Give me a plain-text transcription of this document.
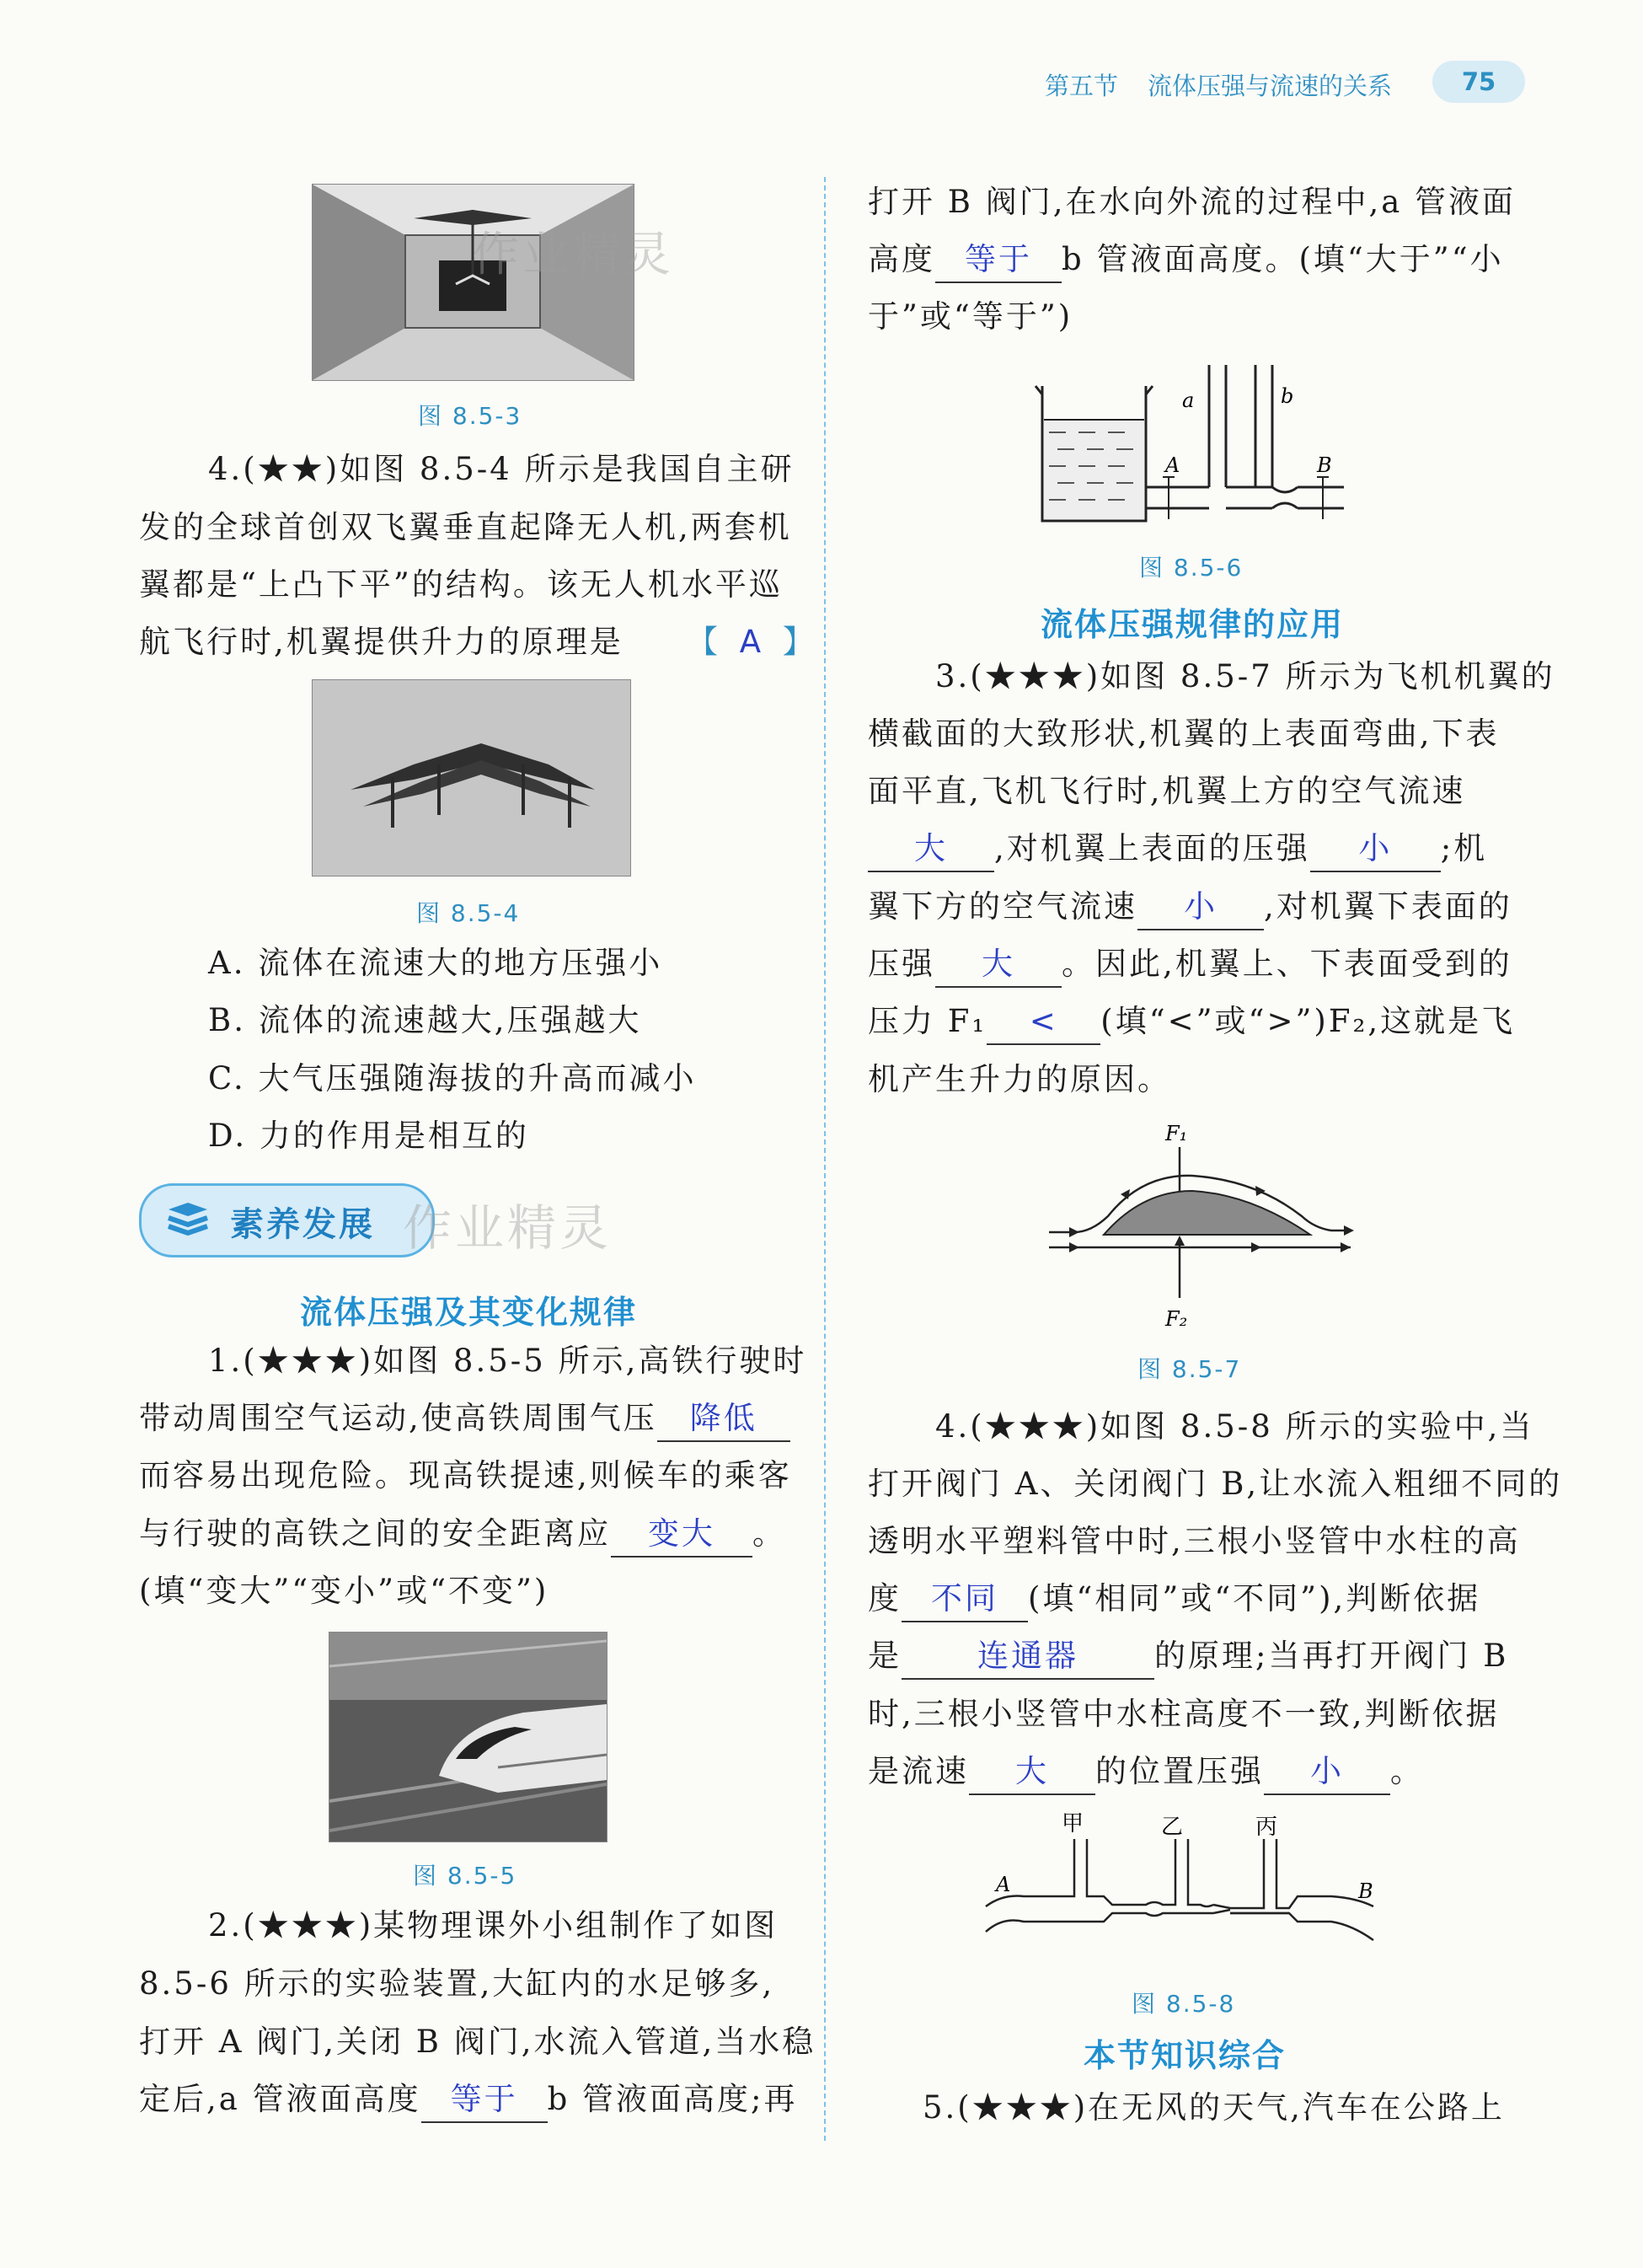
第五节 流体压强与流速的关系	75
作业精灵
图 8.5-3
4.(★★)如图 8.5-4 所示是我国自主研
发的全球首创双飞翼垂直起降无人机,两套机
翼都是“上凸下平”的结构。该无人机水平巡
航飞行时,机翼提供升力的原理是 【 A 】
图 8.5-4
A. 流体在流速大的地方压强小
B. 流体的流速越大,压强越大
C. 大气压强随海拔的升高而减小
D. 力的作用是相互的
素养发展 作业精灵
流体压强及其变化规律
1.(★★★)如图 8.5-5 所示,高铁行驶时
带动周围空气运动,使高铁周围气压 降低
而容易出现危险。现高铁提速,则候车的乘客
与行驶的高铁之间的安全距离应 变大 。
(填“变大”“变小”或“不变”)
图 8.5-5
2.(★★★)某物理课外小组制作了如图
8.5-6 所示的实验装置,大缸内的水足够多,
打开 A 阀门,关闭 B 阀门,水流入管道,当水稳
定后,a 管液面高度 等于 b 管液面高度;再
打开 B 阀门,在水向外流的过程中,a 管液面
高度 等于 b 管液面高度。(填“大于”“小
于”或“等于”)
a	b
A	B
图 8.5-6
流体压强规律的应用
3.(★★★)如图 8.5-7 所示为飞机机翼的
横截面的大致形状,机翼的上表面弯曲,下表
面平直,飞机飞行时,机翼上方的空气流速
大 ,对机翼上表面的压强 小 ;机
翼下方的空气流速 小 ,对机翼下表面的
压强 大 。因此,机翼上、下表面受到的
压力 F₁ < (填“<”或“>”)F₂,这就是飞
机产生升力的原因。
F₁
F₂
图 8.5-7
4.(★★★)如图 8.5-8 所示的实验中,当
打开阀门 A、关闭阀门 B,让水流入粗细不同的
透明水平塑料管中时,三根小竖管中水柱的高
度 不同 (填“相同”或“不同”),判断依据
是 连通器 的原理;当再打开阀门 B
时,三根小竖管中水柱高度不一致,判断依据
是流速 大 的位置压强 小 。
甲	乙	丙
A	B
图 8.5-8
本节知识综合
5.(★★★)在无风的天气,汽车在公路上
